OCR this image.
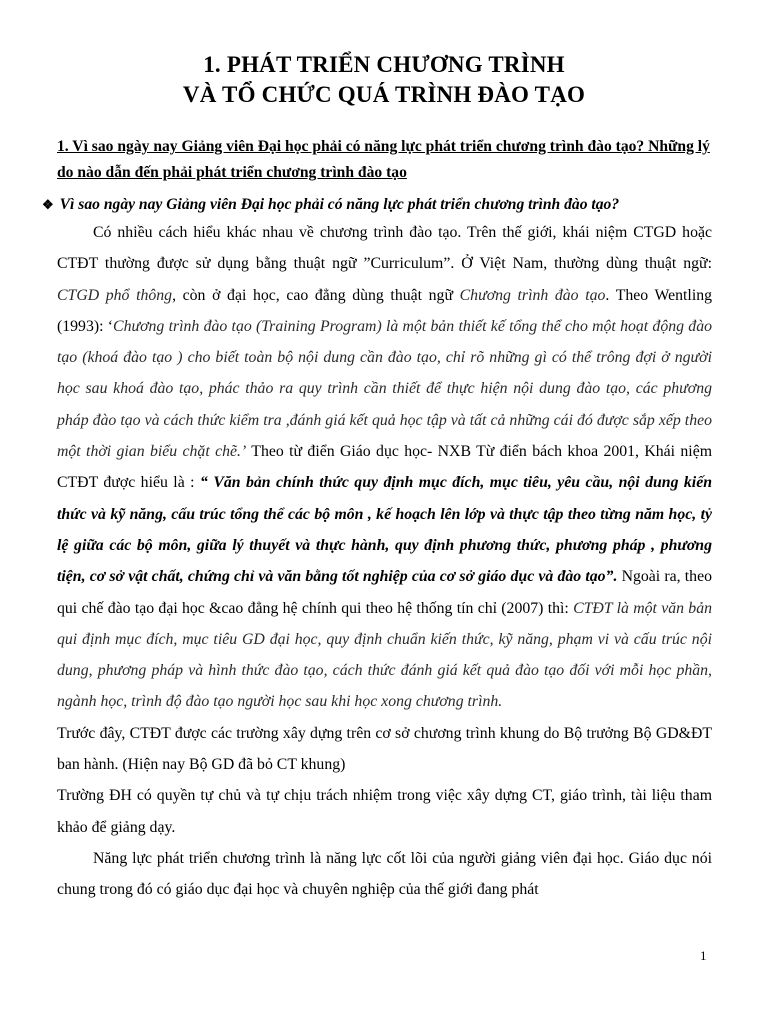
1. PHÁT TRIỂN CHƯƠNG TRÌNH
VÀ TỔ CHỨC QUÁ TRÌNH ĐÀO TẠO
1. Vì sao ngày nay Giảng viên Đại học phải có năng lực phát triển chương trình đào tạo? Những lý do nào dẫn đến phải phát triển chương trình đào tạo
❖ Vì sao ngày nay Giảng viên Đại học phải có năng lực phát triển chương trình đào tạo?

Có nhiều cách hiểu khác nhau về chương trình đào tạo. Trên thế giới, khái niệm CTGD hoặc CTĐT thường được sử dụng bằng thuật ngữ ”Curriculum”. Ở Việt Nam, thường dùng thuật ngữ: CTGD phổ thông, còn ở đại học, cao đẳng dùng thuật ngữ Chương trình đào tạo. Theo Wentling (1993): ‘Chương trình đào tạo (Training Program) là một bản thiết kế tổng thể cho một hoạt động đào tạo (khoá đào tạo ) cho biết toàn bộ nội dung cần đào tạo, chỉ rõ những gì có thể trông đợi ở người học sau khoá đào tạo, phác thảo ra quy trình cần thiết để thực hiện nội dung đào tạo, các phương pháp đào tạo và cách thức kiểm tra ,đánh giá kết quả học tập và tất cả những cái đó được sắp xếp theo một thời gian biểu chặt chẽ.’ Theo từ điển Giáo dục học- NXB Từ điển bách khoa 2001, Khái niệm CTĐT được hiểu là : “ Văn bản chính thức quy định mục đích, mục tiêu, yêu cầu, nội dung kiến thức và kỹ năng, cấu trúc tổng thể các bộ môn , kế hoạch lên lớp và thực tập theo từng năm học, tỷ lệ giữa các bộ môn, giữa lý thuyết và thực hành, quy định phương thức, phương pháp , phương tiện, cơ sở vật chất, chứng chỉ và văn bằng tốt nghiệp của cơ sở giáo dục và đào tạo”. Ngoài ra, theo qui chế đào tạo đại học &cao đẳng hệ chính qui theo hệ thống tín chỉ (2007) thì: CTĐT là một văn bản qui định mục đích, mục tiêu GD đại học, quy định chuẩn kiến thức, kỹ năng, phạm vi và cấu trúc nội dung, phương pháp và hình thức đào tạo, cách thức đánh giá kết quả đào tạo đối với mỗi học phần, ngành học, trình độ đào tạo người học sau khi học xong chương trình.

Trước đây, CTĐT được các trường xây dựng trên cơ sở chương trình khung do Bộ trưởng Bộ GD&ĐT ban hành. (Hiện nay Bộ GD đã bỏ CT khung)

Trường ĐH có quyền tự chủ và tự chịu trách nhiệm trong việc xây dựng CT, giáo trình, tài liệu tham khảo để giảng dạy.

Năng lực phát triển chương trình là năng lực cốt lõi của người giảng viên đại học. Giáo dục nói chung trong đó có giáo dục đại học và chuyên nghiệp của thế giới đang phát

1
